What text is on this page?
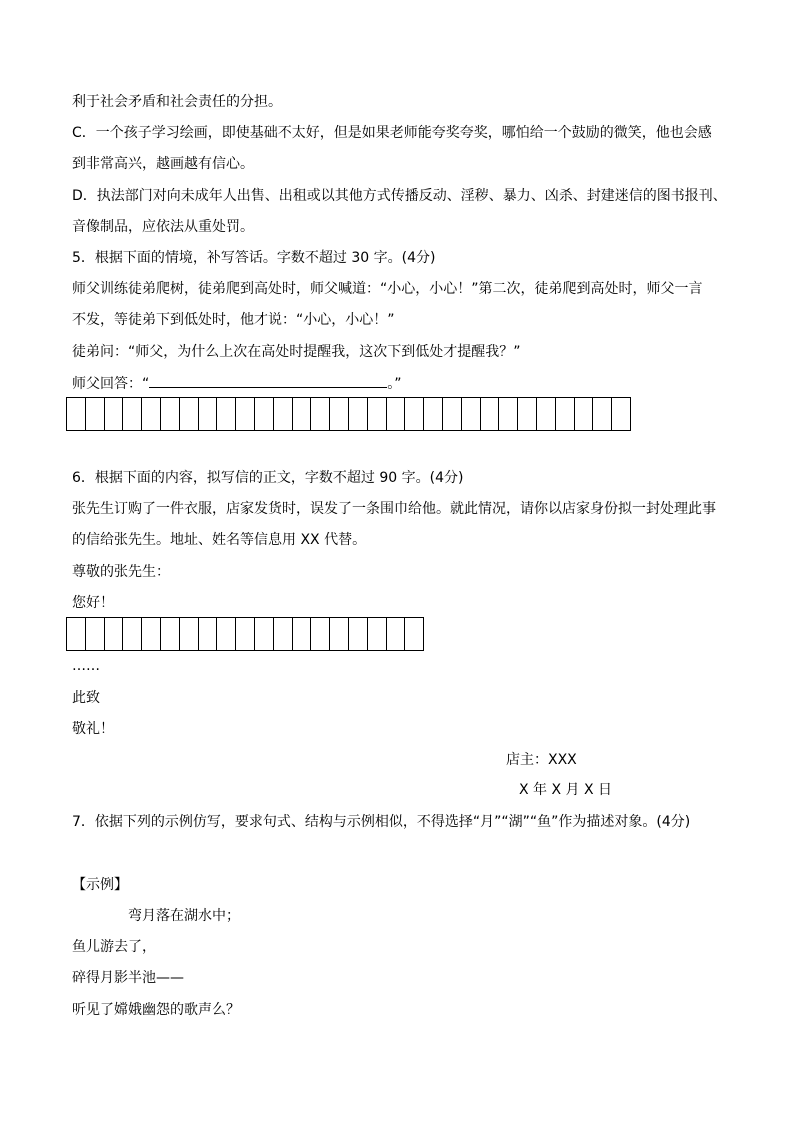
利于社会矛盾和社会责任的分担。
C．一个孩子学习绘画，即使基础不太好，但是如果老师能夸奖夸奖，哪怕给一个鼓励的微笑，他也会感
到非常高兴，越画越有信心。
D．执法部门对向未成年人出售、出租或以其他方式传播反动、淫秽、暴力、凶杀、封建迷信的图书报刊、
音像制品，应依法从重处罚。
5．根据下面的情境，补写答话。字数不超过 30 字。(4分)
师父训练徒弟爬树，徒弟爬到高处时，师父喊道：“小心，小心！”第二次，徒弟爬到高处时，师父一言
不发，等徒弟下到低处时，他才说：“小心，小心！”
徒弟问：“师父，为什么上次在高处时提醒我，这次下到低处才提醒我？”
师父回答：“	。”
6．根据下面的内容，拟写信的正文，字数不超过 90 字。(4分)
张先生订购了一件衣服，店家发货时，误发了一条围巾给他。就此情况，请你以店家身份拟一封处理此事
的信给张先生。地址、姓名等信息用 XX 代替。
尊敬的张先生：
您好！
……
此致
敬礼！
店主：XXX
X 年 X 月 X 日
7．依据下列的示例仿写，要求句式、结构与示例相似，不得选择“月”“湖”“鱼”作为描述对象。(4分)
【示例】
弯月落在湖水中；
鱼儿游去了，
碎得月影半池——
听见了嫦娥幽怨的歌声么？
